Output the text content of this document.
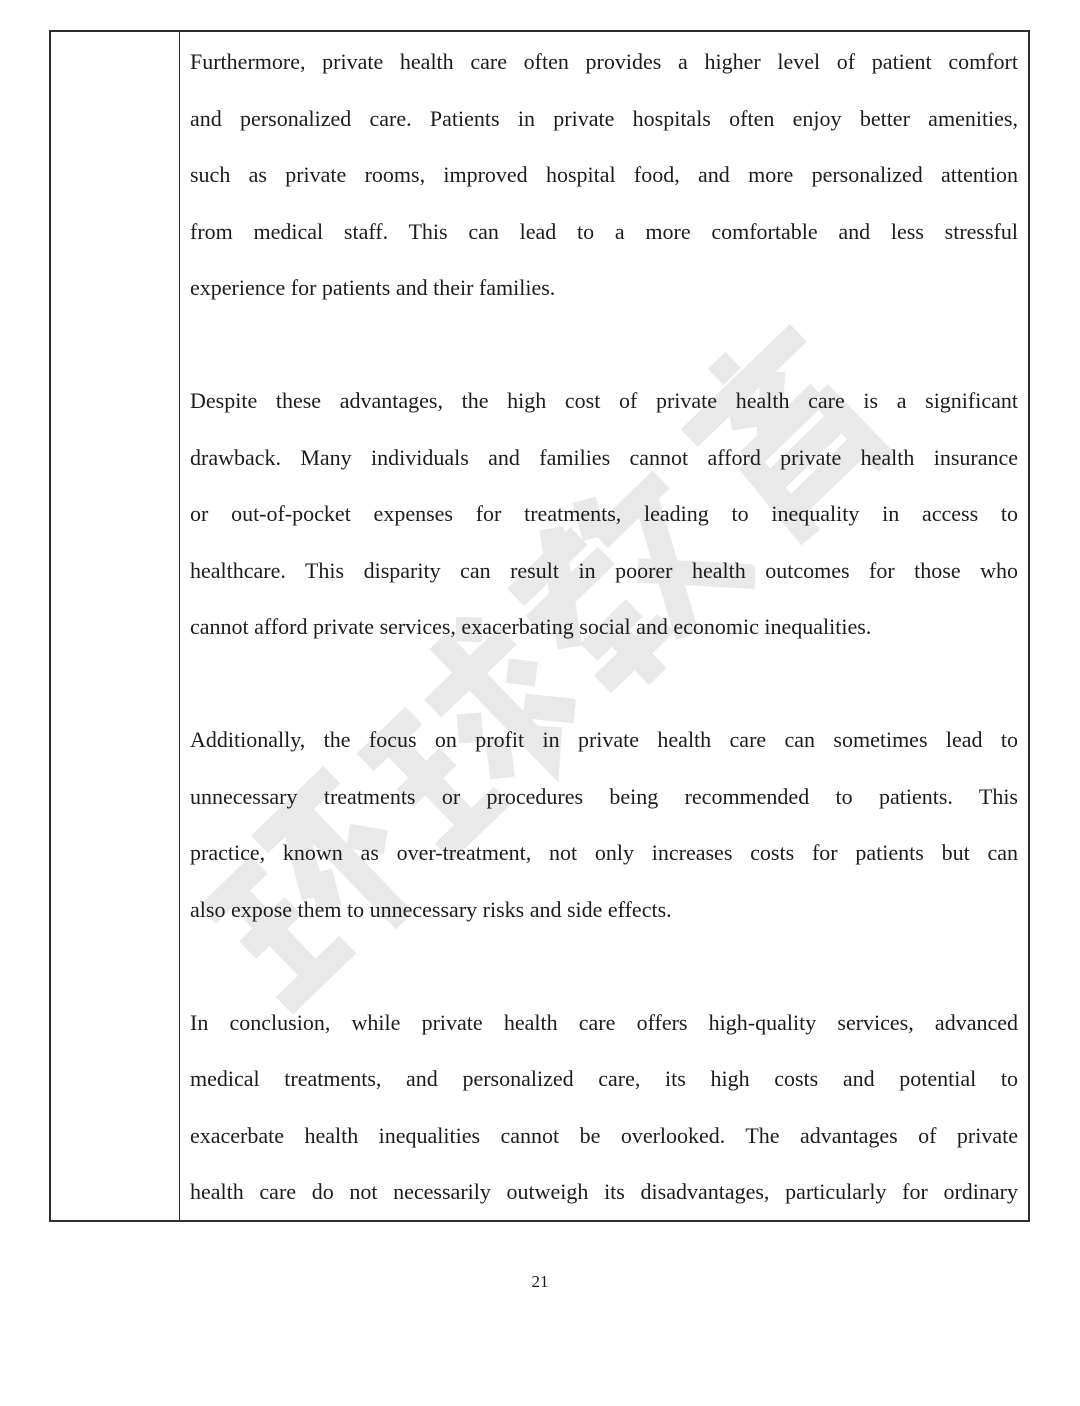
Furthermore, private health care often provides a higher level of patient comfort
and personalized care. Patients in private hospitals often enjoy better amenities,
such as private rooms, improved hospital food, and more personalized attention
from medical staff. This can lead to a more comfortable and less stressful
experience for patients and their families.
Despite these advantages, the high cost of private health care is a significant
drawback. Many individuals and families cannot afford private health insurance
or out-of-pocket expenses for treatments, leading to inequality in access to
healthcare. This disparity can result in poorer health outcomes for those who
cannot afford private services, exacerbating social and economic inequalities.
Additionally, the focus on profit in private health care can sometimes lead to
unnecessary treatments or procedures being recommended to patients. This
practice, known as over-treatment, not only increases costs for patients but can
also expose them to unnecessary risks and side effects.
In conclusion, while private health care offers high-quality services, advanced
medical treatments, and personalized care, its high costs and potential to
exacerbate health inequalities cannot be overlooked. The advantages of private
health care do not necessarily outweigh its disadvantages, particularly for ordinary
21
